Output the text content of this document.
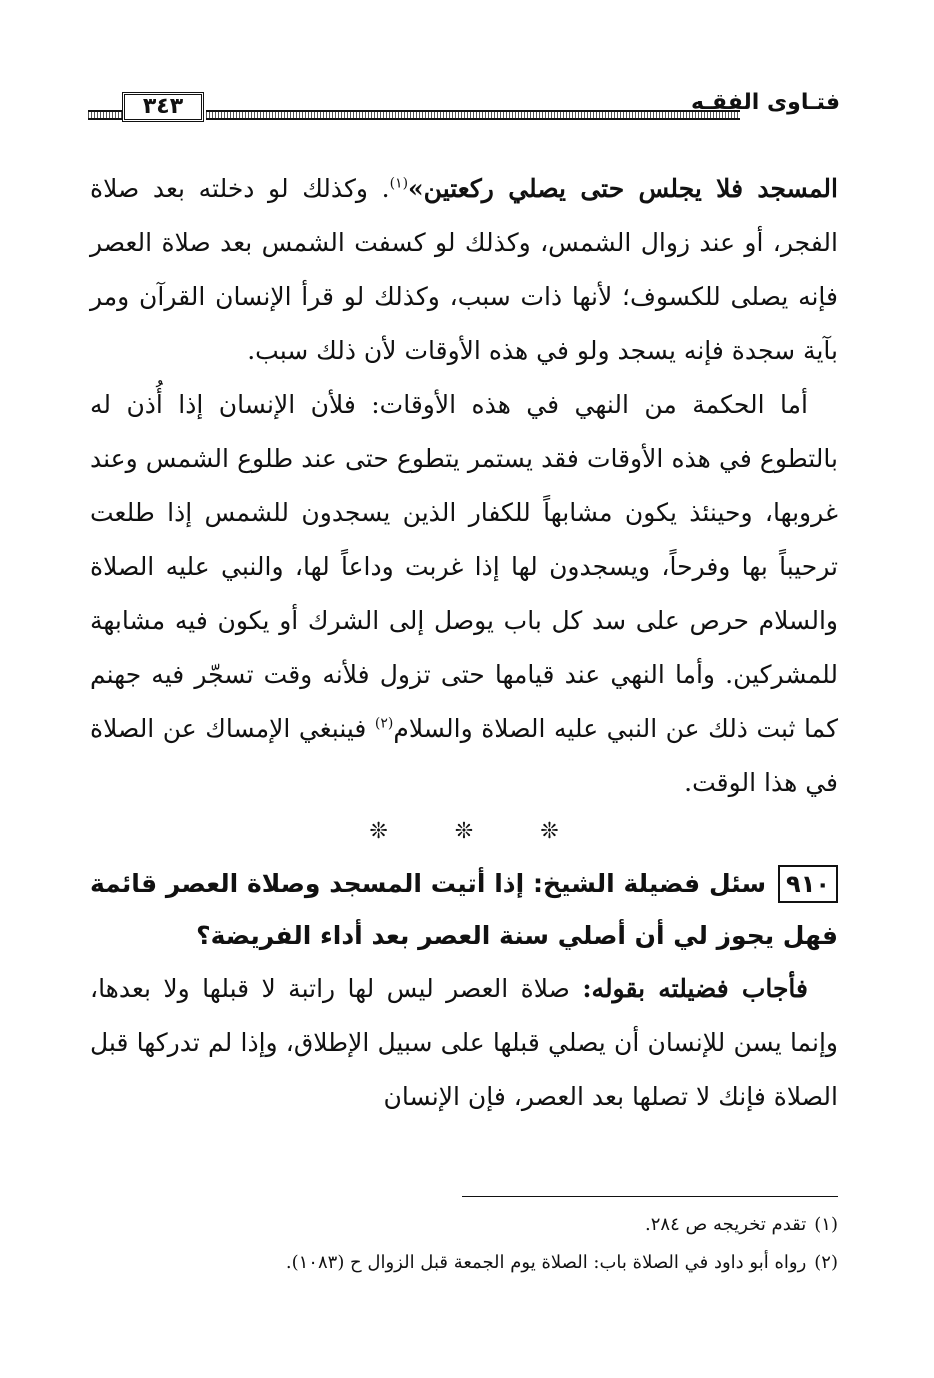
٣٤٣	فتـاوى الفقـه

المسجد فلا يجلس حتى يصلي ركعتين»$^{(١)}$. وكذلك لو دخلته بعد صلاة الفجر، أو عند زوال الشمس، وكذلك لو كسفت الشمس بعد صلاة العصر فإنه يصلى للكسوف؛ لأنها ذات سبب، وكذلك لو قرأ الإنسان القرآن ومر بآية سجدة فإنه يسجد ولو في هذه الأوقات لأن ذلك سبب.

أما الحكمة من النهي في هذه الأوقات: فلأن الإنسان إذا أُذن له بالتطوع في هذه الأوقات فقد يستمر يتطوع حتى عند طلوع الشمس وعند غروبها، وحينئذ يكون مشابهاً للكفار الذين يسجدون للشمس إذا طلعت ترحيباً بها وفرحاً، ويسجدون لها إذا غربت وداعاً لها، والنبي عليه الصلاة والسلام حرص على سد كل باب يوصل إلى الشرك أو يكون فيه مشابهة للمشركين. وأما النهي عند قيامها حتى تزول فلأنه وقت تسجّر فيه جهنم كما ثبت ذلك عن النبي عليه الصلاة والسلام$^{(٢)}$ فينبغي الإمساك عن الصلاة في هذا الوقت.

❊ ❊ ❊

٩١٠سئل فضيلة الشيخ: إذا أتيت المسجد وصلاة العصر قائمة فهل يجوز لي أن أصلي سنة العصر بعد أداء الفريضة؟

فأجاب فضيلته بقوله: صلاة العصر ليس لها راتبة لا قبلها ولا بعدها، وإنما يسن للإنسان أن يصلي قبلها على سبيل الإطلاق، وإذا لم تدركها قبل الصلاة فإنك لا تصلها بعد العصر، فإن الإنسان

(١)تقدم تخريجه ص ٢٨٤.

(٢)رواه أبو داود في الصلاة باب: الصلاة يوم الجمعة قبل الزوال ح (١٠٨٣).
